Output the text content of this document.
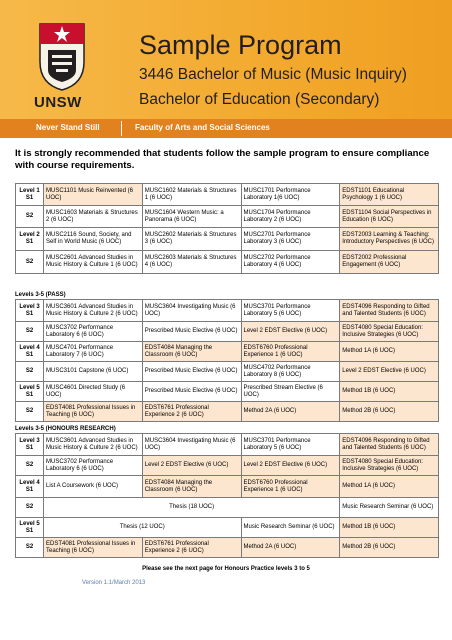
UNSW
Sample Program
3446 Bachelor of Music (Music Inquiry)
Bachelor of Education (Secondary)
Never Stand Still	Faculty of Arts and Social Sciences
It is strongly recommended that students follow the sample program to ensure compliance with course requirements.
Level 1
S1	MUSC1101 Music Reinvented (6 UOC)	MUSC1602 Materials & Structures 1 (6 UOC)	MUSC1701 Performance Laboratory 1(6 UOC)	EDST1101 Educational Psychology 1 (6 UOC)
S2	MUSC1603 Materials & Structures 2 (6 UOC)	MUSC1604 Western Music: a Panorama (6 UOC)	MUSC1704 Performance Laboratory 2 (6 UOC)	EDST1104 Social Perspectives in Education (6 UOC)
Level 2
S1	MUSC2116 Sound, Society, and Self in World Music (6 UOC)	MUSC2602 Materials & Structures 3 (6 UOC)	MUSC2701 Performance Laboratory 3 (6 UOC)	EDST2003 Learning & Teaching: Introductory Perspectives (6 UOC)
S2	MUSC2601 Advanced Studies in Music History & Culture 1 (6 UOC)	MUSC2603 Materials & Structures 4 (6 UOC)	MUSC2702 Performance Laboratory 4 (6 UOC)	EDST2002 Professional Engagement (6 UOC)
Levels 3-5 (PASS)
Level 3
S1	MUSC3601 Advanced Studies in Music History & Culture 2 (6 UOC)	MUSC3604 Investigating Music (6 UOC)	MUSC3701 Performance Laboratory 5 (6 UOC)	EDST4096 Responding to Gifted and Talented Students (6 UOC)
S2	MUSC3702 Performance Laboratory 6 (6 UOC)	Prescribed Music Elective (6 UOC)	Level 2 EDST Elective (6 UOC)	EDST4080 Special Education: Inclusive Strategies (6 UOC)
Level 4
S1	MUSC4701 Performance Laboratory 7 (6 UOC)	EDST4084 Managing the Classroom (6 UOC)	EDST6760 Professional Experience 1 (6 UOC)	Method 1A (6 UOC)
S2	MUSC3101 Capstone (6 UOC)	Prescribed Music Elective (6 UOC)	MUSC4702 Performance Laboratory 8 (6 UOC)	Level 2 EDST Elective (6 UOC)
Level 5
S1	MUSC4601 Directed Study (6 UOC)	Prescribed Music Elective (6 UOC)	Prescribed Stream Elective (6 UOC)	Method 1B (6 UOC)
S2	EDST4081 Professional Issues in Teaching (6 UOC)	EDST6761 Professional Experience 2 (6 UOC)	Method 2A (6 UOC)	Method 2B (6 UOC)
Levels 3-5 (HONOURS RESEARCH)
Level 3
S1	MUSC3601 Advanced Studies in Music History & Culture 2 (6 UOC)	MUSC3604 Investigating Music (6 UOC)	MUSC3701 Performance Laboratory 5 (6 UOC)	EDST4096 Responding to Gifted and Talented Students (6 UOC)
S2	MUSC3702 Performance Laboratory 6 (6 UOC)	Level 2 EDST Elective (6 UOC)	Level 2 EDST Elective (6 UOC)	EDST4080 Special Education: Inclusive Strategies (6 UOC)
Level 4
S1	List A Coursework (6 UOC)	EDST4084 Managing the Classroom (6 UOC)	EDST6760 Professional Experience 1 (6 UOC)	Method 1A (6 UOC)
S2	Thesis (18 UOC)			Music Research Seminar (6 UOC)
Level 5
S1	Thesis (12 UOC)		Music Research Seminar (6 UOC)	Method 1B (6 UOC)
S2	EDST4081 Professional Issues in Teaching (6 UOC)	EDST6761 Professional Experience 2 (6 UOC)	Method 2A (6 UOC)	Method 2B (6 UOC)
Please see the next page for Honours Practice levels 3 to 5
Version 1.1/March 2013
